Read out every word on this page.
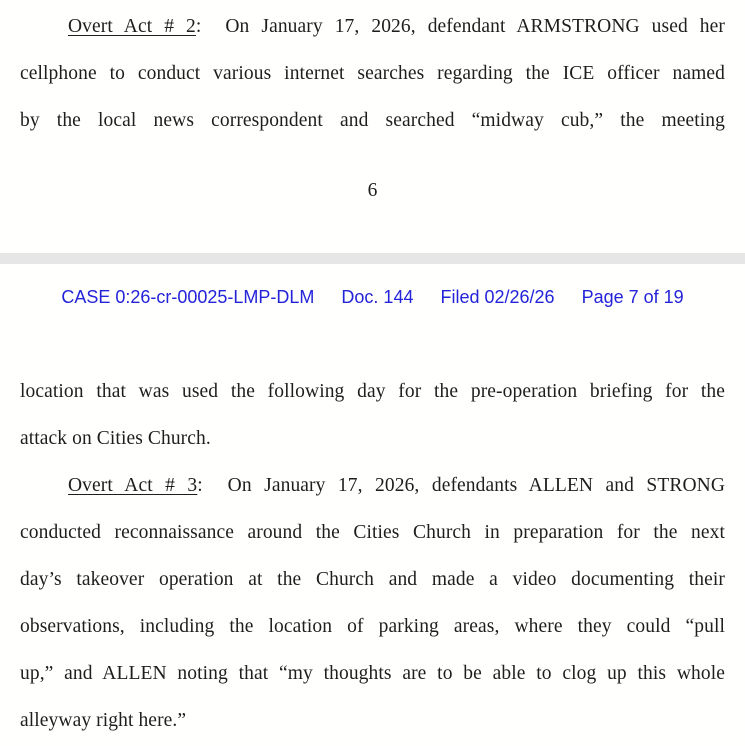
Overt Act # 2:  On January 17, 2026, defendant ARMSTRONG used her
cellphone to conduct various internet searches regarding the ICE officer named
by the local news correspondent and searched “midway cub,” the meeting
6
CASE 0:26-cr-00025-LMP-DLM Doc. 144 Filed 02/26/26 Page 7 of 19
location that was used the following day for the pre-operation briefing for the
attack on Cities Church.
Overt Act # 3:  On January 17, 2026, defendants ALLEN and STRONG
conducted reconnaissance around the Cities Church in preparation for the next
day’s takeover operation at the Church and made a video documenting their
observations, including the location of parking areas, where they could “pull
up,” and ALLEN noting that “my thoughts are to be able to clog up this whole
alleyway right here.”
